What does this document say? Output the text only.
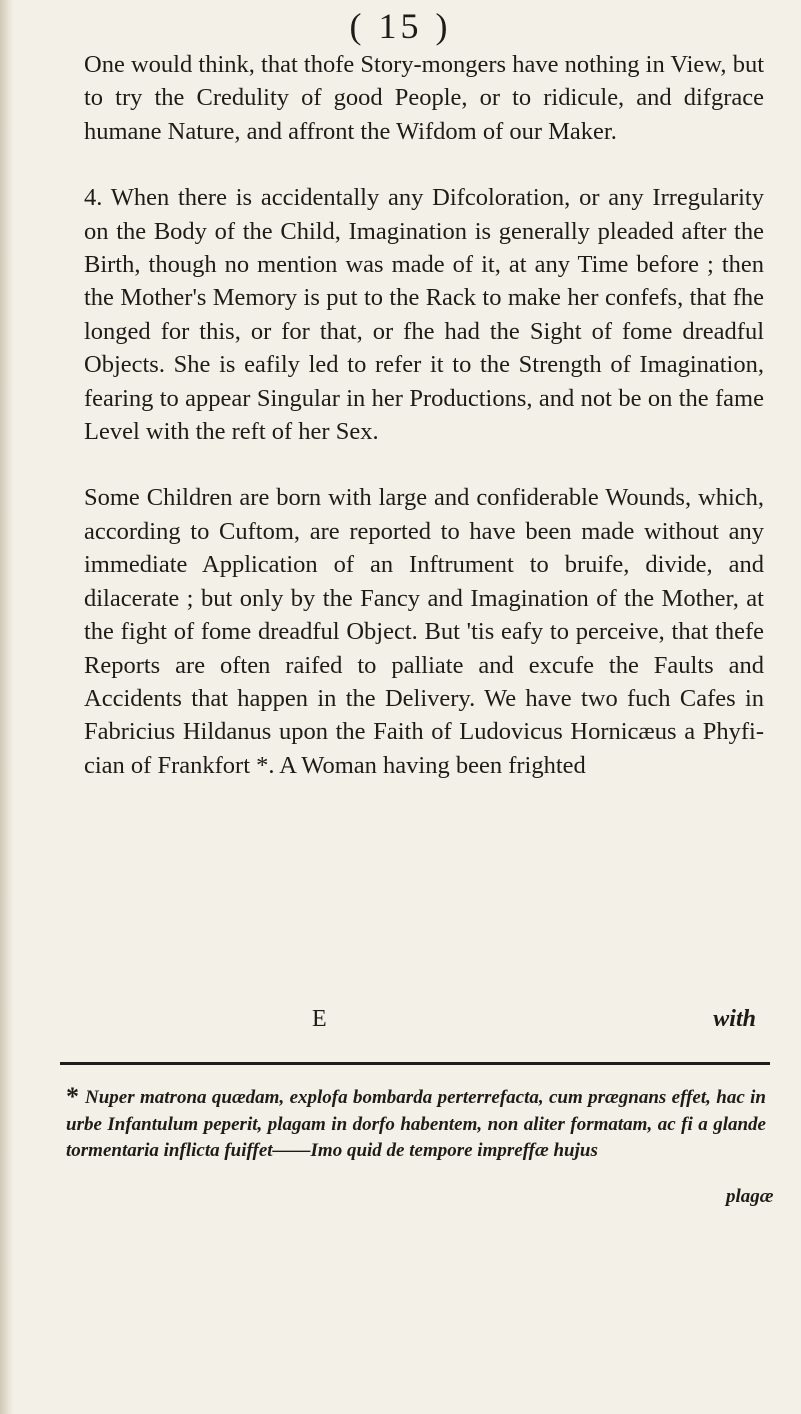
( 15 )

One would think, that thofe Story-mongers have nothing in View, but to try the Credulity of good People, or to ridicule, and difgrace humane Nature, and affront the Wifdom of our Maker.

4. When there is accidentally any Difcoloration, or any Irregularity on the Body of the Child, Imagination is generally pleaded after the Birth, though no mention was made of it, at any Time before ; then the Mother's Memory is put to the Rack to make her confefs, that fhe longed for this, or for that, or fhe had the Sight of fome dreadful Objects. She is eafily led to refer it to the Strength of Imagination, fearing to appear Singular in her Productions, and not be on the fame Level with the reft of her Sex.

Some Children are born with large and confiderable Wounds, which, according to Cuftom, are reported to have been made without any immediate Application of an Inftrument to bruife, divide, and dilacerate ; but only by the Fancy and Imagination of the Mother, at the fight of fome dreadful Object. But 'tis eafy to perceive, that thefe Reports are often raifed to palliate and excufe the Faults and Accidents that happen in the Delivery. We have two fuch Cafes in Fabricius Hildanus upon the Faith of Ludovicus Hornicæus a Phyfician of Frankfort *. A Woman having been frighted

E	with
* Nuper matrona quædam, explofa bombarda perterrefacta, cum prægnans effet, hac in urbe Infantulum peperit, plagam in dorfo habentem, non aliter formatam, ac fi a glande tormentaria inflicta fuiffet——Imo quid de tempore impreffæ hujus
plagæ
